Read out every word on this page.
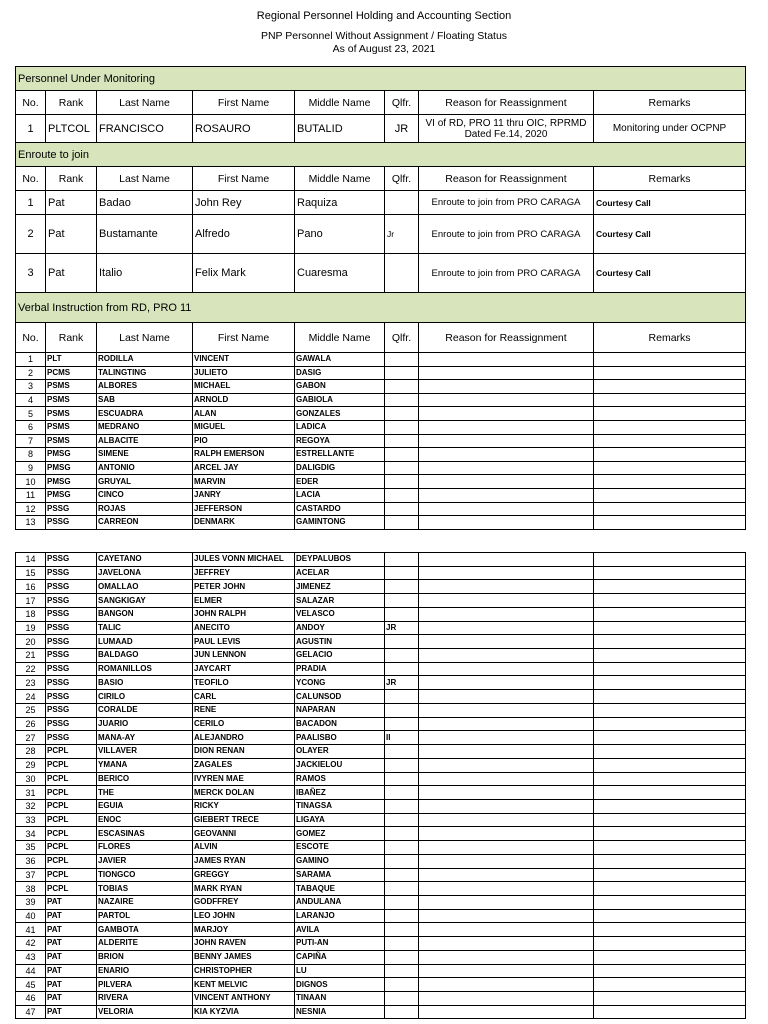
Regional Personnel Holding and Accounting Section
PNP Personnel Without Assignment / Floating Status
As of August 23, 2021
Personnel Under Monitoring							
No.	Rank	Last Name	First Name	Middle Name	Qlfr.	Reason for Reassignment	Remarks
1	PLTCOL	FRANCISCO	ROSAURO	BUTALID	JR	VI of RD, PRO 11 thru OIC, RPRMD Dated Fe.14, 2020	Monitoring under OCPNP
Enroute to join							
No.	Rank	Last Name	First Name	Middle Name	Qlfr.	Reason for Reassignment	Remarks
1	Pat	Badao	John Rey	Raquiza		Enroute to join from PRO CARAGA	Courtesy Call
2	Pat	Bustamante	Alfredo	Pano	Jr	Enroute to join from PRO CARAGA	Courtesy Call
3	Pat	Italio	Felix Mark	Cuaresma		Enroute to join from PRO CARAGA	Courtesy Call
Verbal Instruction from RD, PRO 11							
No.	Rank	Last Name	First Name	Middle Name	Qlfr.	Reason for Reassignment	Remarks
1	PLT	RODILLA	VINCENT	GAWALA			
2	PCMS	TALINGTING	JULIETO	DASIG			
3	PSMS	ALBORES	MICHAEL	GABON			
4	PSMS	SAB	ARNOLD	GABIOLA			
5	PSMS	ESCUADRA	ALAN	GONZALES			
6	PSMS	MEDRANO	MIGUEL	LADICA			
7	PSMS	ALBACITE	PIO	REGOYA			
8	PMSG	SIMENE	RALPH EMERSON	ESTRELLANTE			
9	PMSG	ANTONIO	ARCEL JAY	DALIGDIG			
10	PMSG	GRUYAL	MARVIN	EDER			
11	PMSG	CINCO	JANRY	LACIA			
12	PSSG	ROJAS	JEFFERSON	CASTARDO			
13	PSSG	CARREON	DENMARK	GAMINTONG			
14	PSSG	CAYETANO	JULES VONN MICHAEL	DEYPALUBOS			
15	PSSG	JAVELONA	JEFFREY	ACELAR			
16	PSSG	OMALLAO	PETER JOHN	JIMENEZ			
17	PSSG	SANGKIGAY	ELMER	SALAZAR			
18	PSSG	BANGON	JOHN RALPH	VELASCO			
19	PSSG	TALIC	ANECITO	ANDOY	JR		
20	PSSG	LUMAAD	PAUL LEVIS	AGUSTIN			
21	PSSG	BALDAGO	JUN LENNON	GELACIO			
22	PSSG	ROMANILLOS	JAYCART	PRADIA			
23	PSSG	BASIO	TEOFILO	YCONG	JR		
24	PSSG	CIRILO	CARL	CALUNSOD			
25	PSSG	CORALDE	RENE	NAPARAN			
26	PSSG	JUARIO	CERILO	BACADON			
27	PSSG	MANA-AY	ALEJANDRO	PAALISBO	II		
28	PCPL	VILLAVER	DION RENAN	OLAYER			
29	PCPL	YMANA	ZAGALES	JACKIELOU			
30	PCPL	BERICO	IVYREN MAE	RAMOS			
31	PCPL	THE	MERCK DOLAN	IBAÑEZ			
32	PCPL	EGUIA	RICKY	TINAGSA			
33	PCPL	ENOC	GIEBERT TRECE	LIGAYA			
34	PCPL	ESCASINAS	GEOVANNI	GOMEZ			
35	PCPL	FLORES	ALVIN	ESCOTE			
36	PCPL	JAVIER	JAMES RYAN	GAMINO			
37	PCPL	TIONGCO	GREGGY	SARAMA			
38	PCPL	TOBIAS	MARK RYAN	TABAQUE			
39	PAT	NAZAIRE	GODFFREY	ANDULANA			
40	PAT	PARTOL	LEO JOHN	LARANJO			
41	PAT	GAMBOTA	MARJOY	AVILA			
42	PAT	ALDERITE	JOHN RAVEN	PUTI-AN			
43	PAT	BRION	BENNY JAMES	CAPIÑA			
44	PAT	ENARIO	CHRISTOPHER	LU			
45	PAT	PILVERA	KENT MELVIC	DIGNOS			
46	PAT	RIVERA	VINCENT ANTHONY	TINAAN			
47	PAT	VELORIA	KIA KYZVIA	NESNIA			
